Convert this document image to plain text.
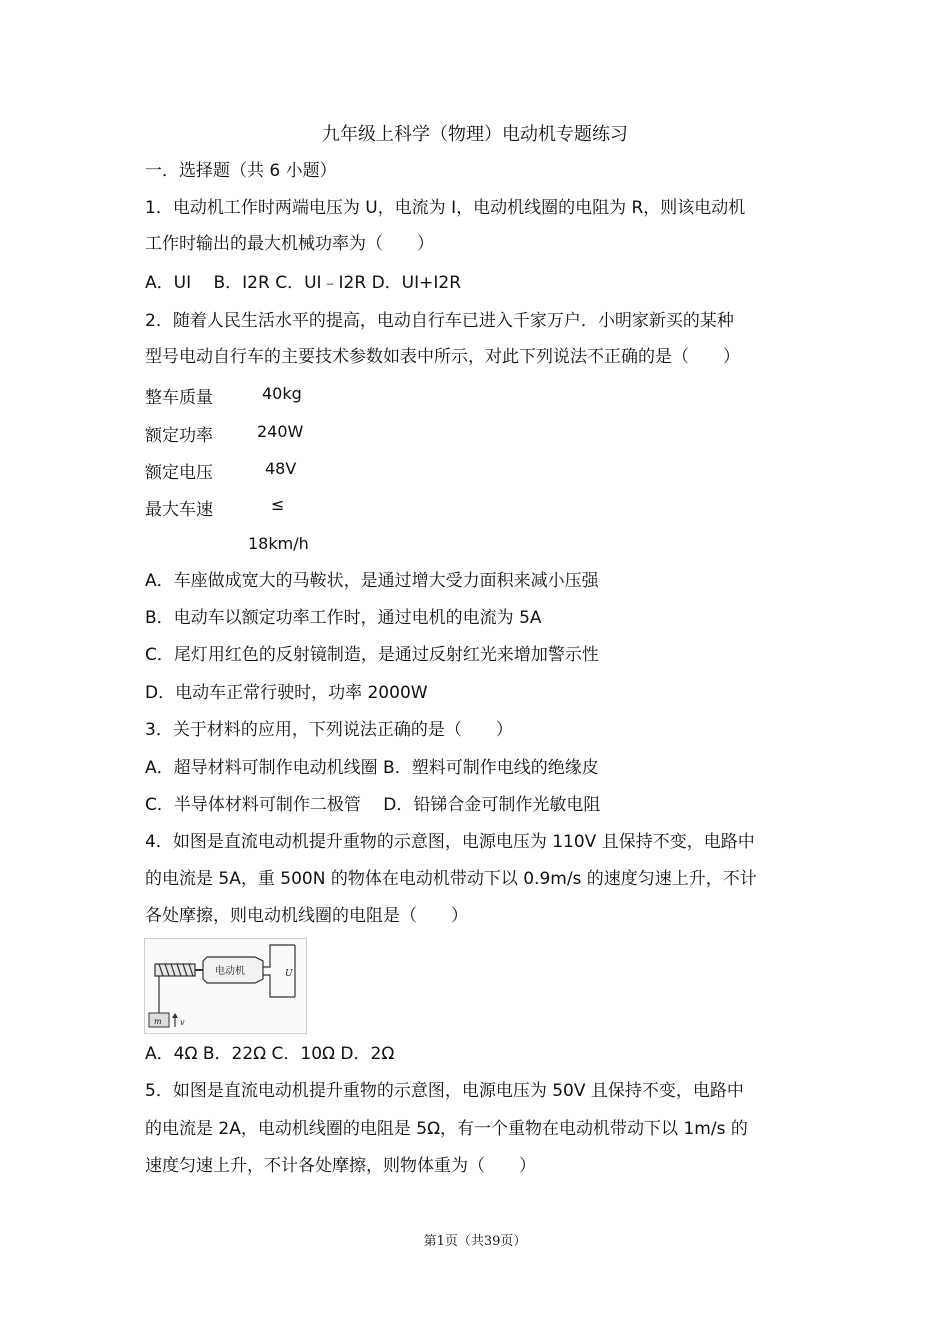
九年级上科学（物理）电动机专题练习
一．选择题（共 6 小题）
1．电动机工作时两端电压为 U，电流为 I，电动机线圈的电阻为 R，则该电动机
工作时输出的最大机械功率为（　　）
A．UI　 B．I2R C．UI﹣I2R D．UI+I2R
2．随着人民生活水平的提高，电动自行车已进入千家万户．小明家新买的某种
型号电动自行车的主要技术参数如表中所示，对此下列说法不正确的是（　　）
整车质量	40kg
额定功率	240W
额定电压	48V
最大车速	≤
18km/h
A．车座做成宽大的马鞍状，是通过增大受力面积来减小压强
B．电动车以额定功率工作时，通过电机的电流为 5A
C．尾灯用红色的反射镜制造，是通过反射红光来增加警示性
D．电动车正常行驶时，功率 2000W
3．关于材料的应用，下列说法正确的是（　　）
A．超导材料可制作电动机线圈 B．塑料可制作电线的绝缘皮
C．半导体材料可制作二极管　 D．铅锑合金可制作光敏电阻
4．如图是直流电动机提升重物的示意图，电源电压为 110V 且保持不变，电路中
的电流是 5A，重 500N 的物体在电动机带动下以 0.9m/s 的速度匀速上升，不计
各处摩擦，则电动机线圈的电阻是（　　）
电动机	U
m v
A．4Ω B．22Ω C．10Ω D．2Ω
5．如图是直流电动机提升重物的示意图，电源电压为 50V 且保持不变，电路中
的电流是 2A，电动机线圈的电阻是 5Ω，有一个重物在电动机带动下以 1m/s 的
速度匀速上升，不计各处摩擦，则物体重为（　　）
第1页（共39页）
